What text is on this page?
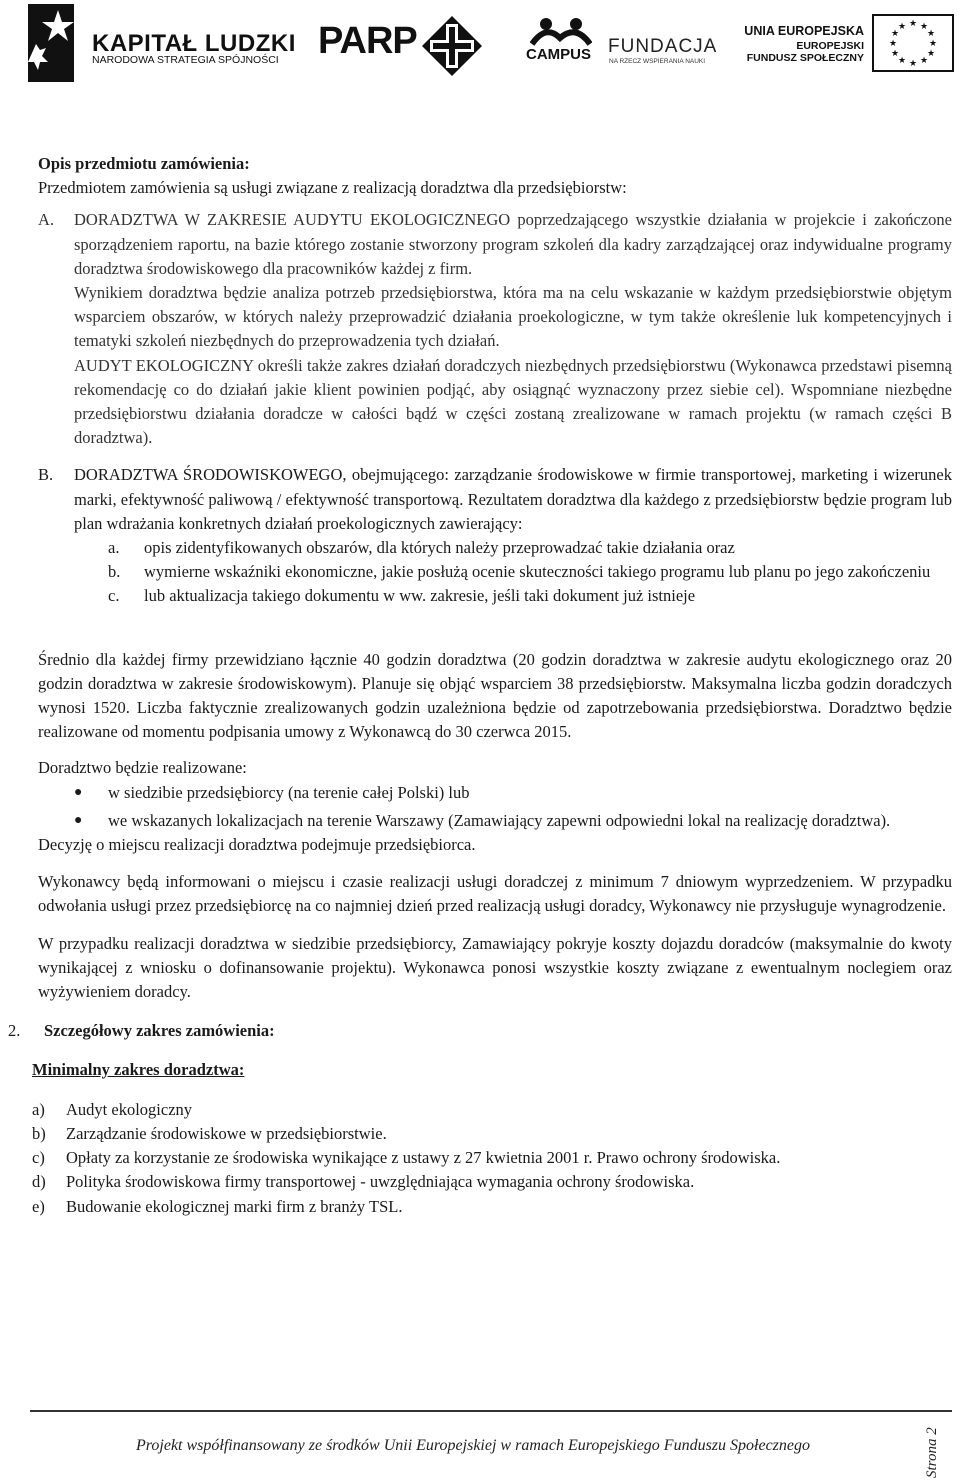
KAPITAŁ LUDZKI
NARODOWA STRATEGIA SPÓJNOŚCI PARP	CAMPUS FUNDACJA
NA RZECZ WSPIERANIA NAUKI
UNIA EUROPEJSKA
EUROPEJSKI
FUNDUSZ SPOŁECZNY
★ ★
★
★
★
★
★
★
★
★
★
★

Opis przedmiotu zamówienia:

Przedmiotem zamówienia są usługi związane z realizacją doradztwa dla przedsiębiorstw:

A.	DORADZTWA W ZAKRESIE AUDYTU EKOLOGICZNEGO poprzedzającego wszystkie działania w projekcie i zakończone sporządzeniem raportu, na bazie którego zostanie stworzony program szkoleń dla kadry zarządzającej oraz indywidualne programy doradztwa środowiskowego dla pracowników każdej z firm.

Wynikiem doradztwa będzie analiza potrzeb przedsiębiorstwa, która ma na celu wskazanie w każdym przedsiębiorstwie objętym wsparciem obszarów, w których należy przeprowadzić działania proekologiczne, w tym także określenie luk kompetencyjnych i tematyki szkoleń niezbędnych do przeprowadzenia tych działań.

AUDYT EKOLOGICZNY określi także zakres działań doradczych niezbędnych przedsiębiorstwu (Wykonawca przedstawi pisemną rekomendację co do działań jakie klient powinien podjąć, aby osiągnąć wyznaczony przez siebie cel). Wspomniane niezbędne przedsiębiorstwu działania doradcze w całości bądź w części zostaną zrealizowane w ramach projektu (w ramach części B doradztwa).

B.	DORADZTWA ŚRODOWISKOWEGO, obejmującego: zarządzanie środowiskowe w firmie transportowej, marketing i wizerunek marki, efektywność paliwową / efektywność transportową. Rezultatem doradztwa dla każdego z przedsiębiorstw będzie program lub plan wdrażania konkretnych działań proekologicznych zawierający:

a.	opis zidentyfikowanych obszarów, dla których należy przeprowadzać takie działania oraz
b.	wymierne wskaźniki ekonomiczne, jakie posłużą ocenie skuteczności takiego programu lub planu po jego zakończeniu
c.	lub aktualizacja takiego dokumentu w ww. zakresie, jeśli taki dokument już istnieje

Średnio dla każdej firmy przewidziano łącznie 40 godzin doradztwa (20 godzin doradztwa w zakresie audytu ekologicznego oraz 20 godzin doradztwa w zakresie środowiskowym). Planuje się objąć wsparciem 38 przedsiębiorstw. Maksymalna liczba godzin doradczych wynosi 1520. Liczba faktycznie zrealizowanych godzin uzależniona będzie od zapotrzebowania przedsiębiorstwa. Doradztwo będzie realizowane od momentu podpisania umowy z Wykonawcą do 30 czerwca 2015.

Doradztwo będzie realizowane:

●	w siedzibie przedsiębiorcy (na terenie całej Polski) lub
●	we wskazanych lokalizacjach na terenie Warszawy (Zamawiający zapewni odpowiedni lokal na realizację doradztwa).

Decyzję o miejscu realizacji doradztwa podejmuje przedsiębiorca.

Wykonawcy będą informowani o miejscu i czasie realizacji usługi doradczej z minimum 7 dniowym wyprzedzeniem. W przypadku odwołania usługi przez przedsiębiorcę na co najmniej dzień przed realizacją usługi doradcy, Wykonawcy nie przysługuje wynagrodzenie.

W przypadku realizacji doradztwa w siedzibie przedsiębiorcy, Zamawiający pokryje koszty dojazdu doradców (maksymalnie do kwoty wynikającej z wniosku o dofinansowanie projektu). Wykonawca ponosi wszystkie koszty związane z ewentualnym noclegiem oraz wyżywieniem doradcy.

2.	Szczegółowy zakres zamówienia:

Minimalny zakres doradztwa:

a)	Audyt ekologiczny
b)	Zarządzanie środowiskowe w przedsiębiorstwie.
c)	Opłaty za korzystanie ze środowiska wynikające z ustawy z 27 kwietnia 2001 r. Prawo ochrony środowiska.
d)	Polityka środowiskowa firmy transportowej - uwzględniająca wymagania ochrony środowiska.
e)	Budowanie ekologicznej marki firm z branży TSL.
Projekt współfinansowany ze środków Unii Europejskiej w ramach Europejskiego Funduszu Społecznego	Strona 2
